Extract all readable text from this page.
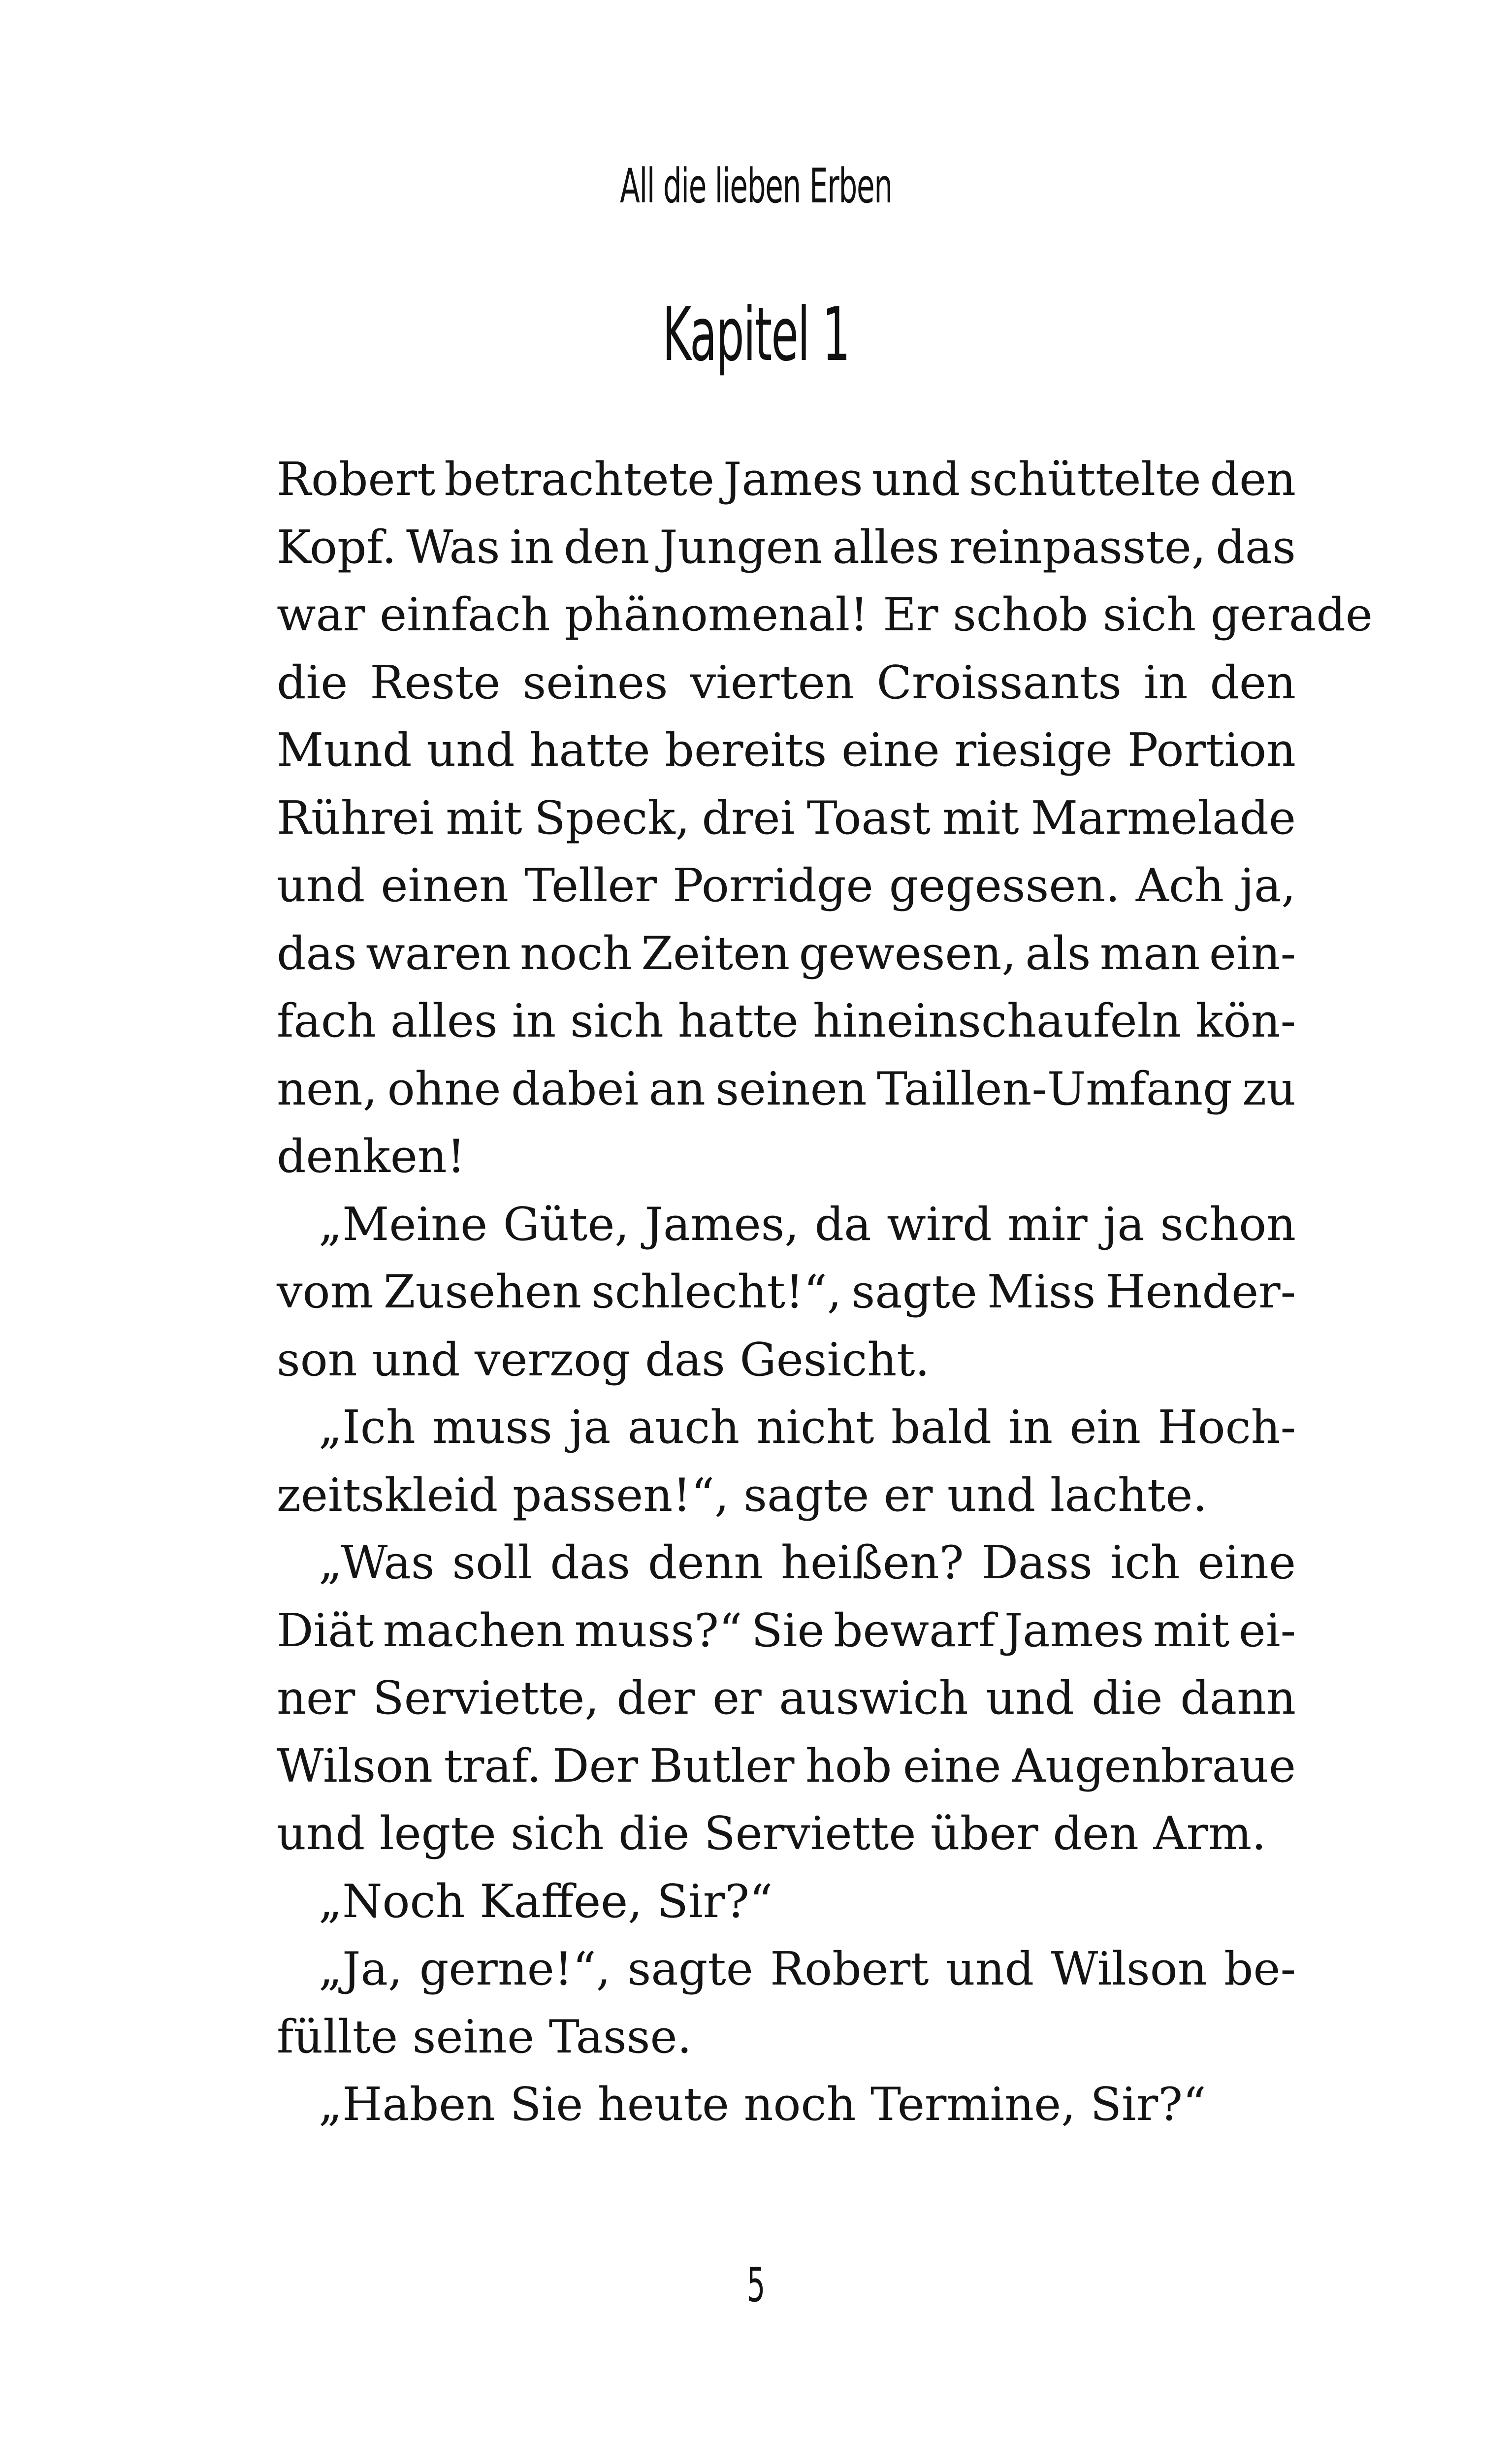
All die lieben Erben
Kapitel 1
Robert betrachtete James und schüttelte den
Kopf. Was in den Jungen alles reinpasste, das
war einfach phänomenal! Er schob sich gerade
die Reste seines vierten Croissants in den
Mund und hatte bereits eine riesige Portion
Rührei mit Speck, drei Toast mit Marmelade
und einen Teller Porridge gegessen. Ach ja,
das waren noch Zeiten gewesen, als man ein-
fach alles in sich hatte hineinschaufeln kön-
nen, ohne dabei an seinen Taillen-Umfang zu
denken!
„Meine Güte, James, da wird mir ja schon
vom Zusehen schlecht!“, sagte Miss Hender-
son und verzog das Gesicht.
„Ich muss ja auch nicht bald in ein Hoch-
zeitskleid passen!“, sagte er und lachte.
„Was soll das denn heißen? Dass ich eine
Diät machen muss?“ Sie bewarf James mit ei-
ner Serviette, der er auswich und die dann
Wilson traf. Der Butler hob eine Augenbraue
und legte sich die Serviette über den Arm.
„Noch Kaffee, Sir?“
„Ja, gerne!“, sagte Robert und Wilson be-
füllte seine Tasse.
„Haben Sie heute noch Termine, Sir?“
5
